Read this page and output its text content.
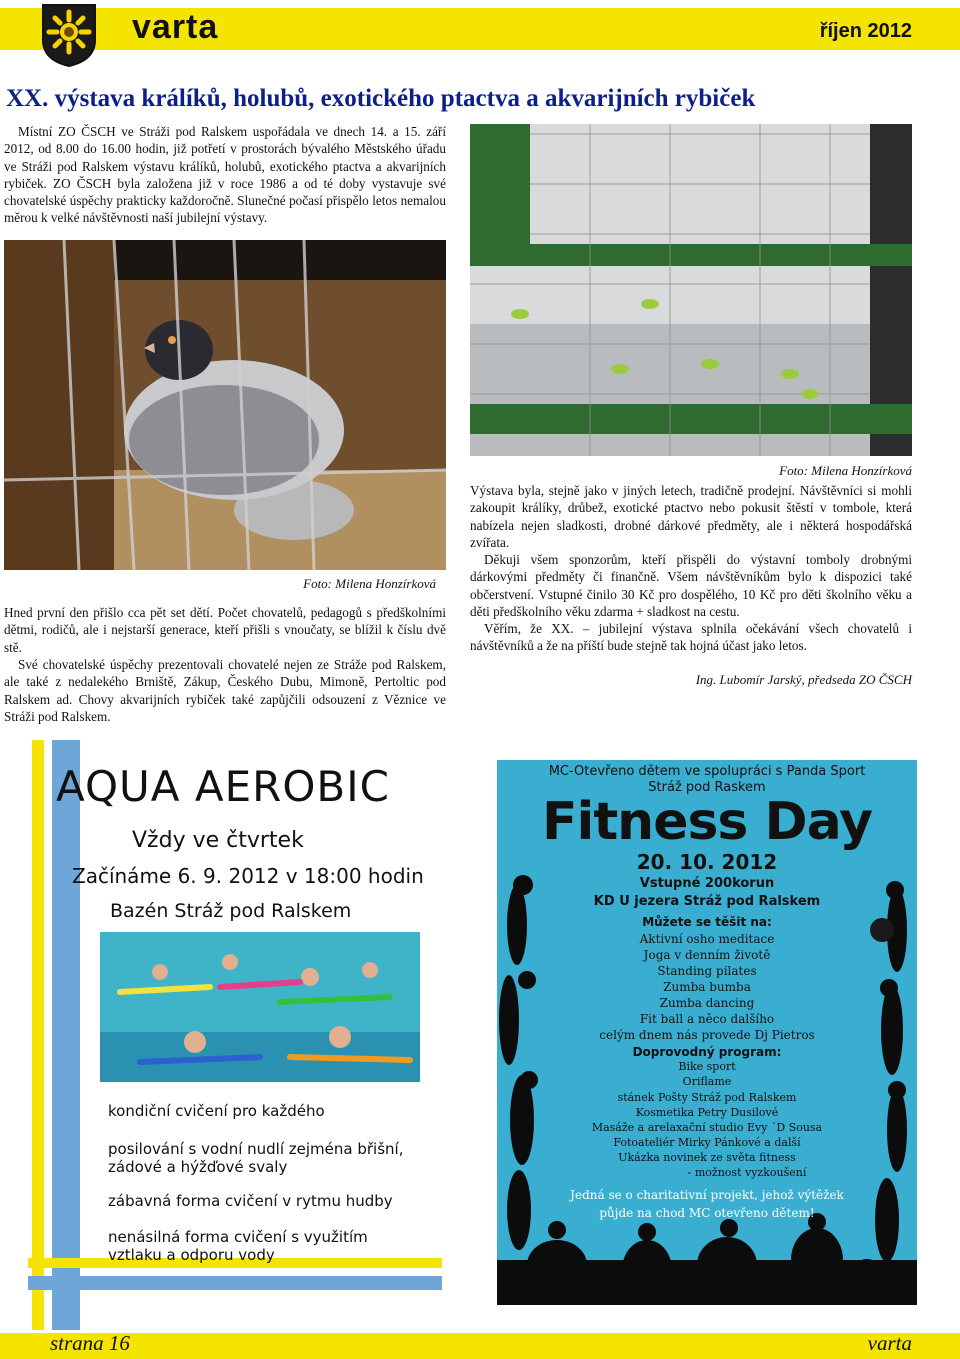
varta	říjen 2012
XX. výstava králíků, holubů, exotického ptactva a akvarijních rybiček

Místní ZO ČSCH ve Stráži pod Ralskem uspořádala ve dnech 14. a 15. září 2012, od 8.00 do 16.00 hodin, již potřetí v prostorách bývalého Městského úřadu ve Stráži pod Ralskem výstavu králíků, holubů, exotického ptactva a akvarijních rybiček. ZO ČSCH byla založena již v roce 1986 a od té doby vystavuje své chovatelské úspěchy prakticky každoročně. Slunečné počasí přispělo letos nemalou měrou k velké návštěvnosti naší jubilejní výstavy.

Foto: Milena Honzírková

Hned první den přišlo cca pět set dětí. Počet chovatelů, pedagogů s předškolními dětmi, rodičů, ale i nejstarší generace, kteří přišli s vnoučaty, se blížil k číslu dvě stě.

Své chovatelské úspěchy prezentovali chovatelé nejen ze Stráže pod Ralskem, ale také z nedalekého Brniště, Zákup, Českého Dubu, Mimoně, Pertoltic pod Ralskem ad. Chovy akvarijních rybiček také zapůjčili odsouzení z Věznice ve Stráži pod Ralskem.

Foto: Milena Honzírková

Výstava byla, stejně jako v jiných letech, tradičně prodejní. Návštěvníci si mohli zakoupit králíky, drůbež, exotické ptactvo nebo pokusit štěstí v tombole, která nabízela nejen sladkosti, drobné dárkové předměty, ale i některá hospodářská zvířata.

Děkuji všem sponzorům, kteří přispěli do výstavní tomboly drobnými dárkovými předměty či finančně. Všem návštěvníkům bylo k dispozici také občerstvení. Vstupné činilo 30 Kč pro dospělého, 10 Kč pro děti školního věku a děti předškolního věku zdarma + sladkost na cestu.

Věřím, že XX. – jubilejní výstava splnila očekávání všech chovatelů i návštěvníků a že na příští bude stejně tak hojná účast jako letos.

Ing. Lubomír Jarský, předseda ZO ČSCH
AQUA AEROBIC
Vždy ve čtvrtek
Začínáme 6. 9. 2012 v 18:00 hodin
Bazén Stráž pod Ralskem
kondiční cvičení pro každého
posilování s vodní nudlí zejména břišní,
zádové a hýžďové svaly
zábavná forma cvičení v rytmu hudby
nenásilná forma cvičení s využitím
vztlaku a odporu vody
MC-Otevřeno dětem ve spolupráci s Panda Sport
Stráž pod Raskem
Fitness Day
20. 10. 2012
Vstupné 200korun
KD U jezera Stráž pod Ralskem
Můžete se těšit na:
Aktivní osho meditace
Joga v denním životě
Standing pilates
Zumba bumba
Zumba dancing
Fit ball a něco dalšího
celým dnem nás provede Dj Pietros
Doprovodný program:
Bike sport
Oriflame
stánek Pošty Stráž pod Ralskem
Kosmetika Petry Dusilové
Masáže a arelaxační studio Evy ´D Sousa
Fotoateliér Mirky Pánkové a další
Ukázka novinek ze světa fitness
- možnost vyzkoušení
Jedná se o charitativní projekt, jehož výtěžek
půjde na chod MC otevřeno dětem!
strana 16	varta
